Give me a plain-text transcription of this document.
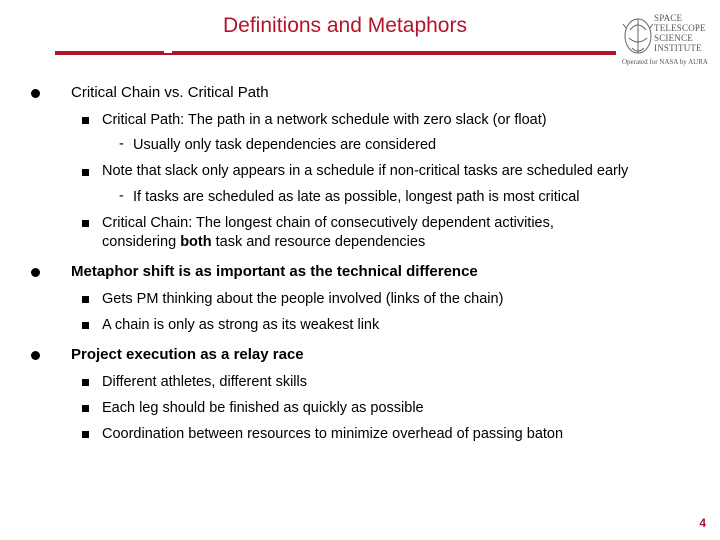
Definitions and Metaphors	SPACE
TELESCOPE
SCIENCE
INSTITUTE
Operated for NASA by AURA
Critical Chain vs. Critical Path
Critical Path: The path in a network schedule with zero slack (or float)
- Usually only task dependencies are considered
Note that slack only appears in a schedule if non-critical tasks are scheduled early
- If tasks are scheduled as late as possible, longest path is most critical
Critical Chain: The longest chain of consecutively dependent activities,
considering both task and resource dependencies
Metaphor shift is as important as the technical difference
Gets PM thinking about the people involved (links of the chain)
A chain is only as strong as its weakest link
Project execution as a relay race
Different athletes, different skills
Each leg should be finished as quickly as possible
Coordination between resources to minimize overhead of passing baton
4
